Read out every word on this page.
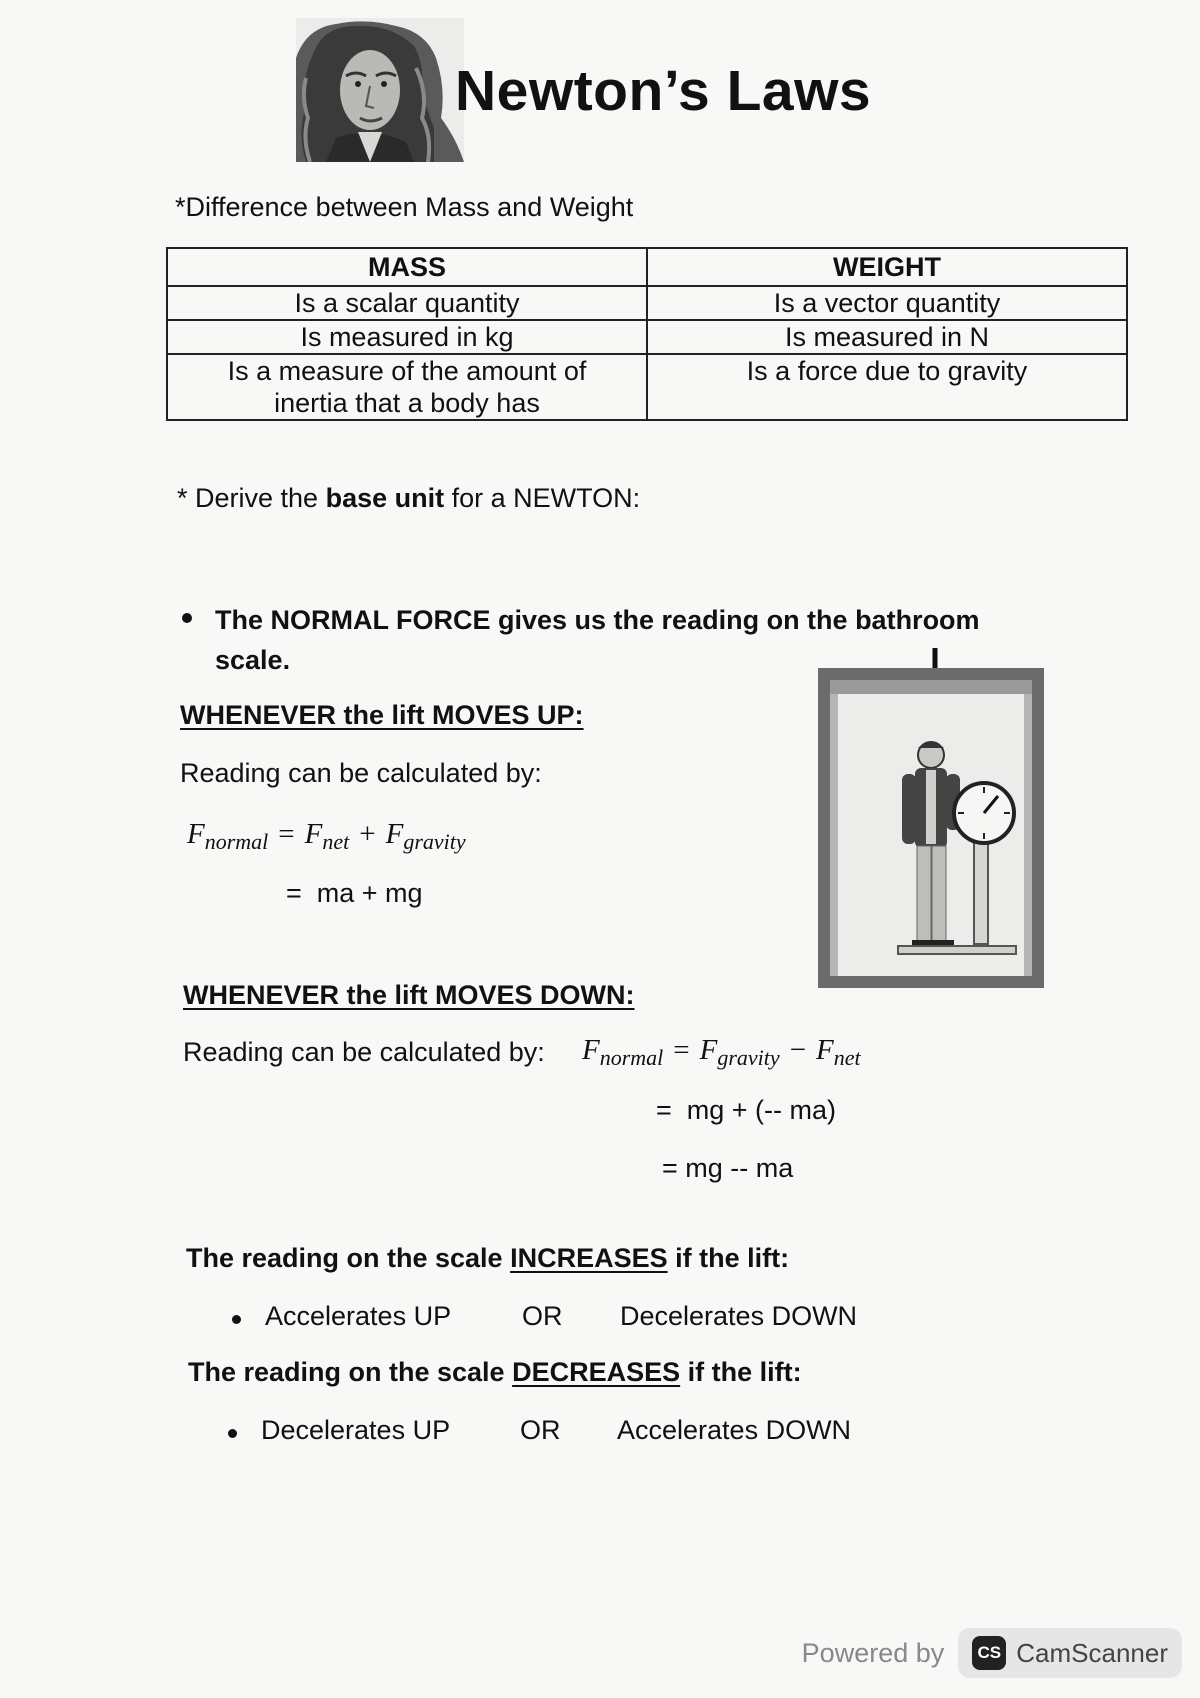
Newton’s Laws
*Difference between Mass and Weight
MASS	WEIGHT
Is a scalar quantity	Is a vector quantity
Is measured in kg	Is measured in N
Is a measure of the amount of inertia that a body has	Is a force due to gravity
* Derive the base unit for a NEWTON:
The NORMAL FORCE gives us the reading on the bathroom scale.
WHENEVER the lift MOVES UP:
Reading can be calculated by:
$F_{normal} = F_{net} + F_{gravity}$
=  ma + mg
WHENEVER the lift MOVES DOWN:
Reading can be calculated by: $F_{normal} = F_{gravity} - F_{net}$
=  mg + (-- ma)
= mg -- ma
The reading on the scale INCREASES if the lift:
Accelerates UP	OR Decelerates DOWN
The reading on the scale DECREASES if the lift:
Decelerates UP	OR Accelerates DOWN
Powered by	CS CamScanner
